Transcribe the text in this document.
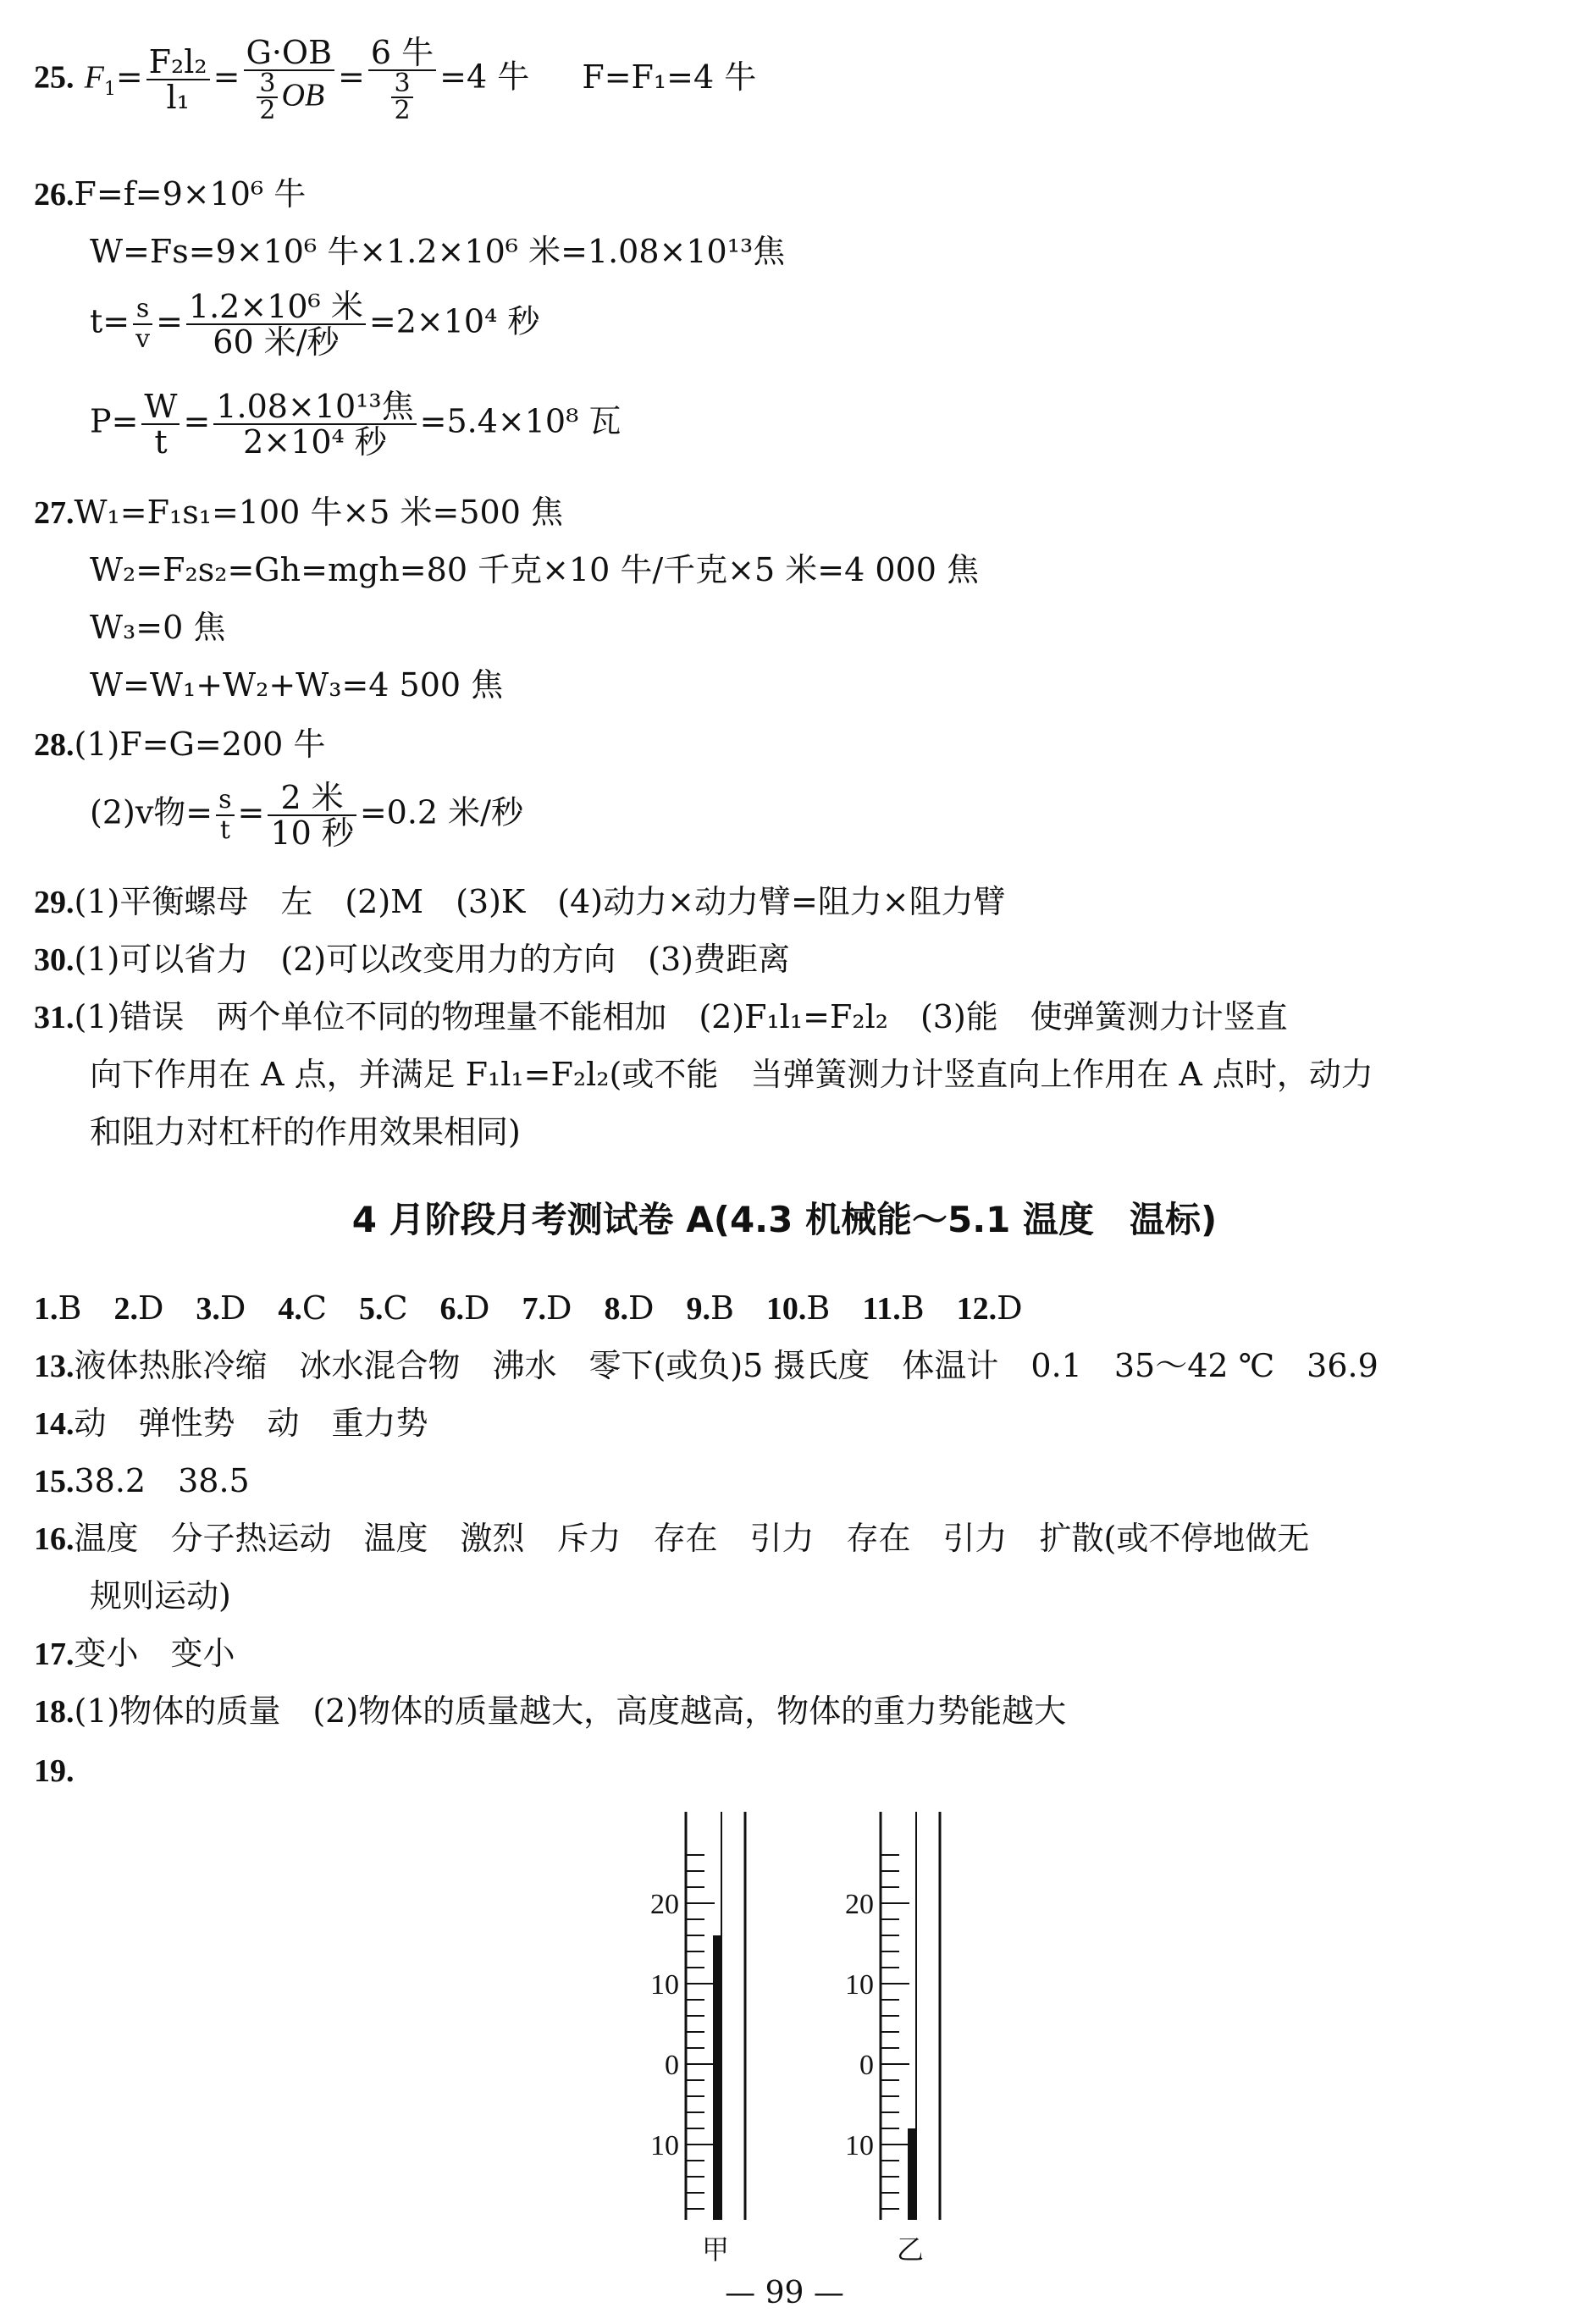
25. $F_1= \frac{\text{F₂l₂}}{\text{l₁}} = \frac{G\cdot OB}{\frac{3}{2} OB} = \frac{\text{6 牛}}{\frac{3}{2}} =4$ 牛 F=F₁=4 牛
26.F=f=9×10⁶ 牛
W=Fs=9×10⁶ 牛×1.2×10⁶ 米=1.08×10¹³焦
$t= \frac{s}{v} = \frac{\text{1.2×10⁶ 米}}{\text{60 米/秒}} =2\times 10^4$ 秒
$P= \frac{W}{t} = \frac{\text{1.08×10¹³焦}}{\text{2×10⁴ 秒}} =5.4\times 10^8$ 瓦
27.W₁=F₁s₁=100 牛×5 米=500 焦
W₂=F₂s₂=Gh=mgh=80 千克×10 牛/千克×5 米=4 000 焦
W₃=0 焦
W=W₁+W₂+W₃=4 500 焦
28.(1)F=G=200 牛
(2)v物= $\frac{s}{t} = \frac{\text{2 米}}{\text{10 秒}} =0.2$ 米/秒
29.(1)平衡螺母　左　(2)M　(3)K　(4)动力×动力臂=阻力×阻力臂
30.(1)可以省力　(2)可以改变用力的方向　(3)费距离
31.(1)错误　两个单位不同的物理量不能相加　(2)F₁l₁=F₂l₂　(3)能　使弹簧测力计竖直
向下作用在 A 点，并满足 F₁l₁=F₂l₂(或不能　当弹簧测力计竖直向上作用在 A 点时，动力
和阻力对杠杆的作用效果相同)
4 月阶段月考测试卷 A(4.3 机械能～5.1 温度　温标)
1.B 2.D 3.D 4.C 5.C 6.D 7.D 8.D 9.B 10.B 11.B 12.D
13.液体热胀冷缩　冰水混合物　沸水　零下(或负)5 摄氏度　体温计　0.1　35～42 ℃　36.9
14.动　弹性势　动　重力势
15.38.2　38.5
16.温度　分子热运动　温度　激烈　斥力　存在　引力　存在　引力　扩散(或不停地做无
规则运动)
17.变小　变小
18.(1)物体的质量　(2)物体的质量越大，高度越高，物体的重力势能越大
19.
20
10
0
10
甲
20
10
0
10
乙
— 99 —
